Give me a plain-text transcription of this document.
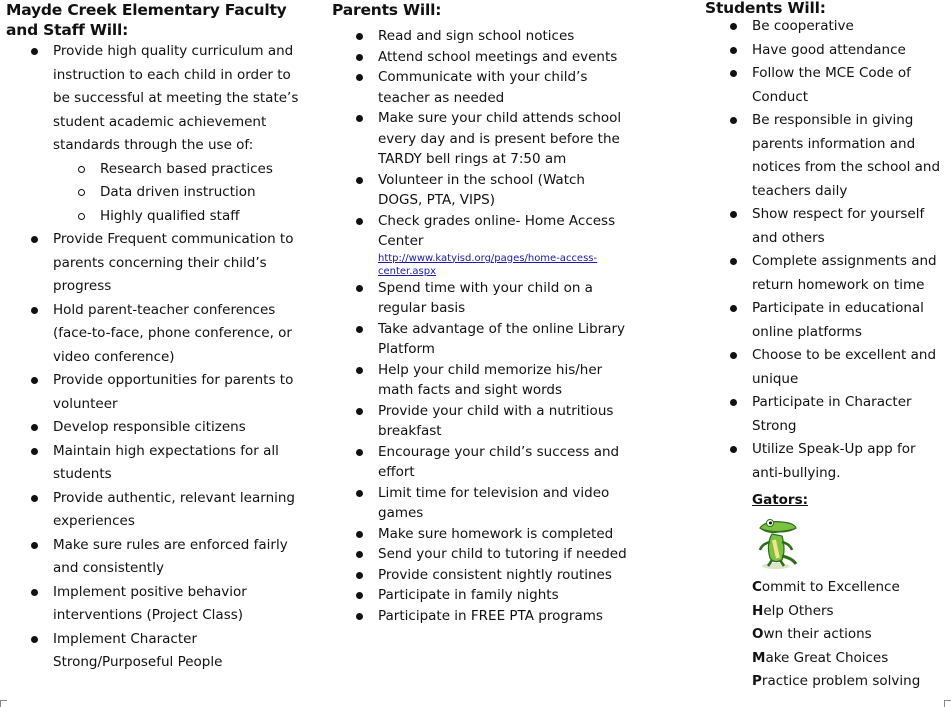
Mayde Creek Elementary Faculty and Staff Will:
Provide high quality curriculum and instruction to each child in order to be successful at meeting the state’s student academic achievement standards through the use of:
Research based practices
Data driven instruction
Highly qualified staff
Provide Frequent communication to parents concerning their child’s progress
Hold parent-teacher conferences (face-to-face, phone conference, or video conference)
Provide opportunities for parents to volunteer
Develop responsible citizens
Maintain high expectations for all students
Provide authentic, relevant learning experiences
Make sure rules are enforced fairly and consistently
Implement positive behavior interventions (Project Class)
Implement Character Strong/Purposeful People
Parents Will:
Read and sign school notices
Attend school meetings and events
Communicate with your child’s teacher as needed
Make sure your child attends school every day and is present before the TARDY bell rings at 7:50 am
Volunteer in the school (Watch DOGS, PTA, VIPS)
Check grades online- Home Access Center
http://www.katyisd.org/pages/home-access- center.aspx
Spend time with your child on a regular basis
Take advantage of the online Library Platform
Help your child memorize his/her math facts and sight words
Provide your child with a nutritious breakfast
Encourage your child’s success and effort
Limit time for television and video games
Make sure homework is completed
Send your child to tutoring if needed
Provide consistent nightly routines
Participate in family nights
Participate in FREE PTA programs
Students Will:
Be cooperative
Have good attendance
Follow the MCE Code of Conduct
Be responsible in giving parents information and notices from the school and teachers daily
Show respect for yourself and others
Complete assignments and return homework on time
Participate in educational online platforms
Choose to be excellent and unique
Participate in Character Strong
Utilize Speak-Up app for anti-bullying.
Gators:
Commit to Excellence
Help Others
Own their actions
Make Great Choices
Practice problem solving
